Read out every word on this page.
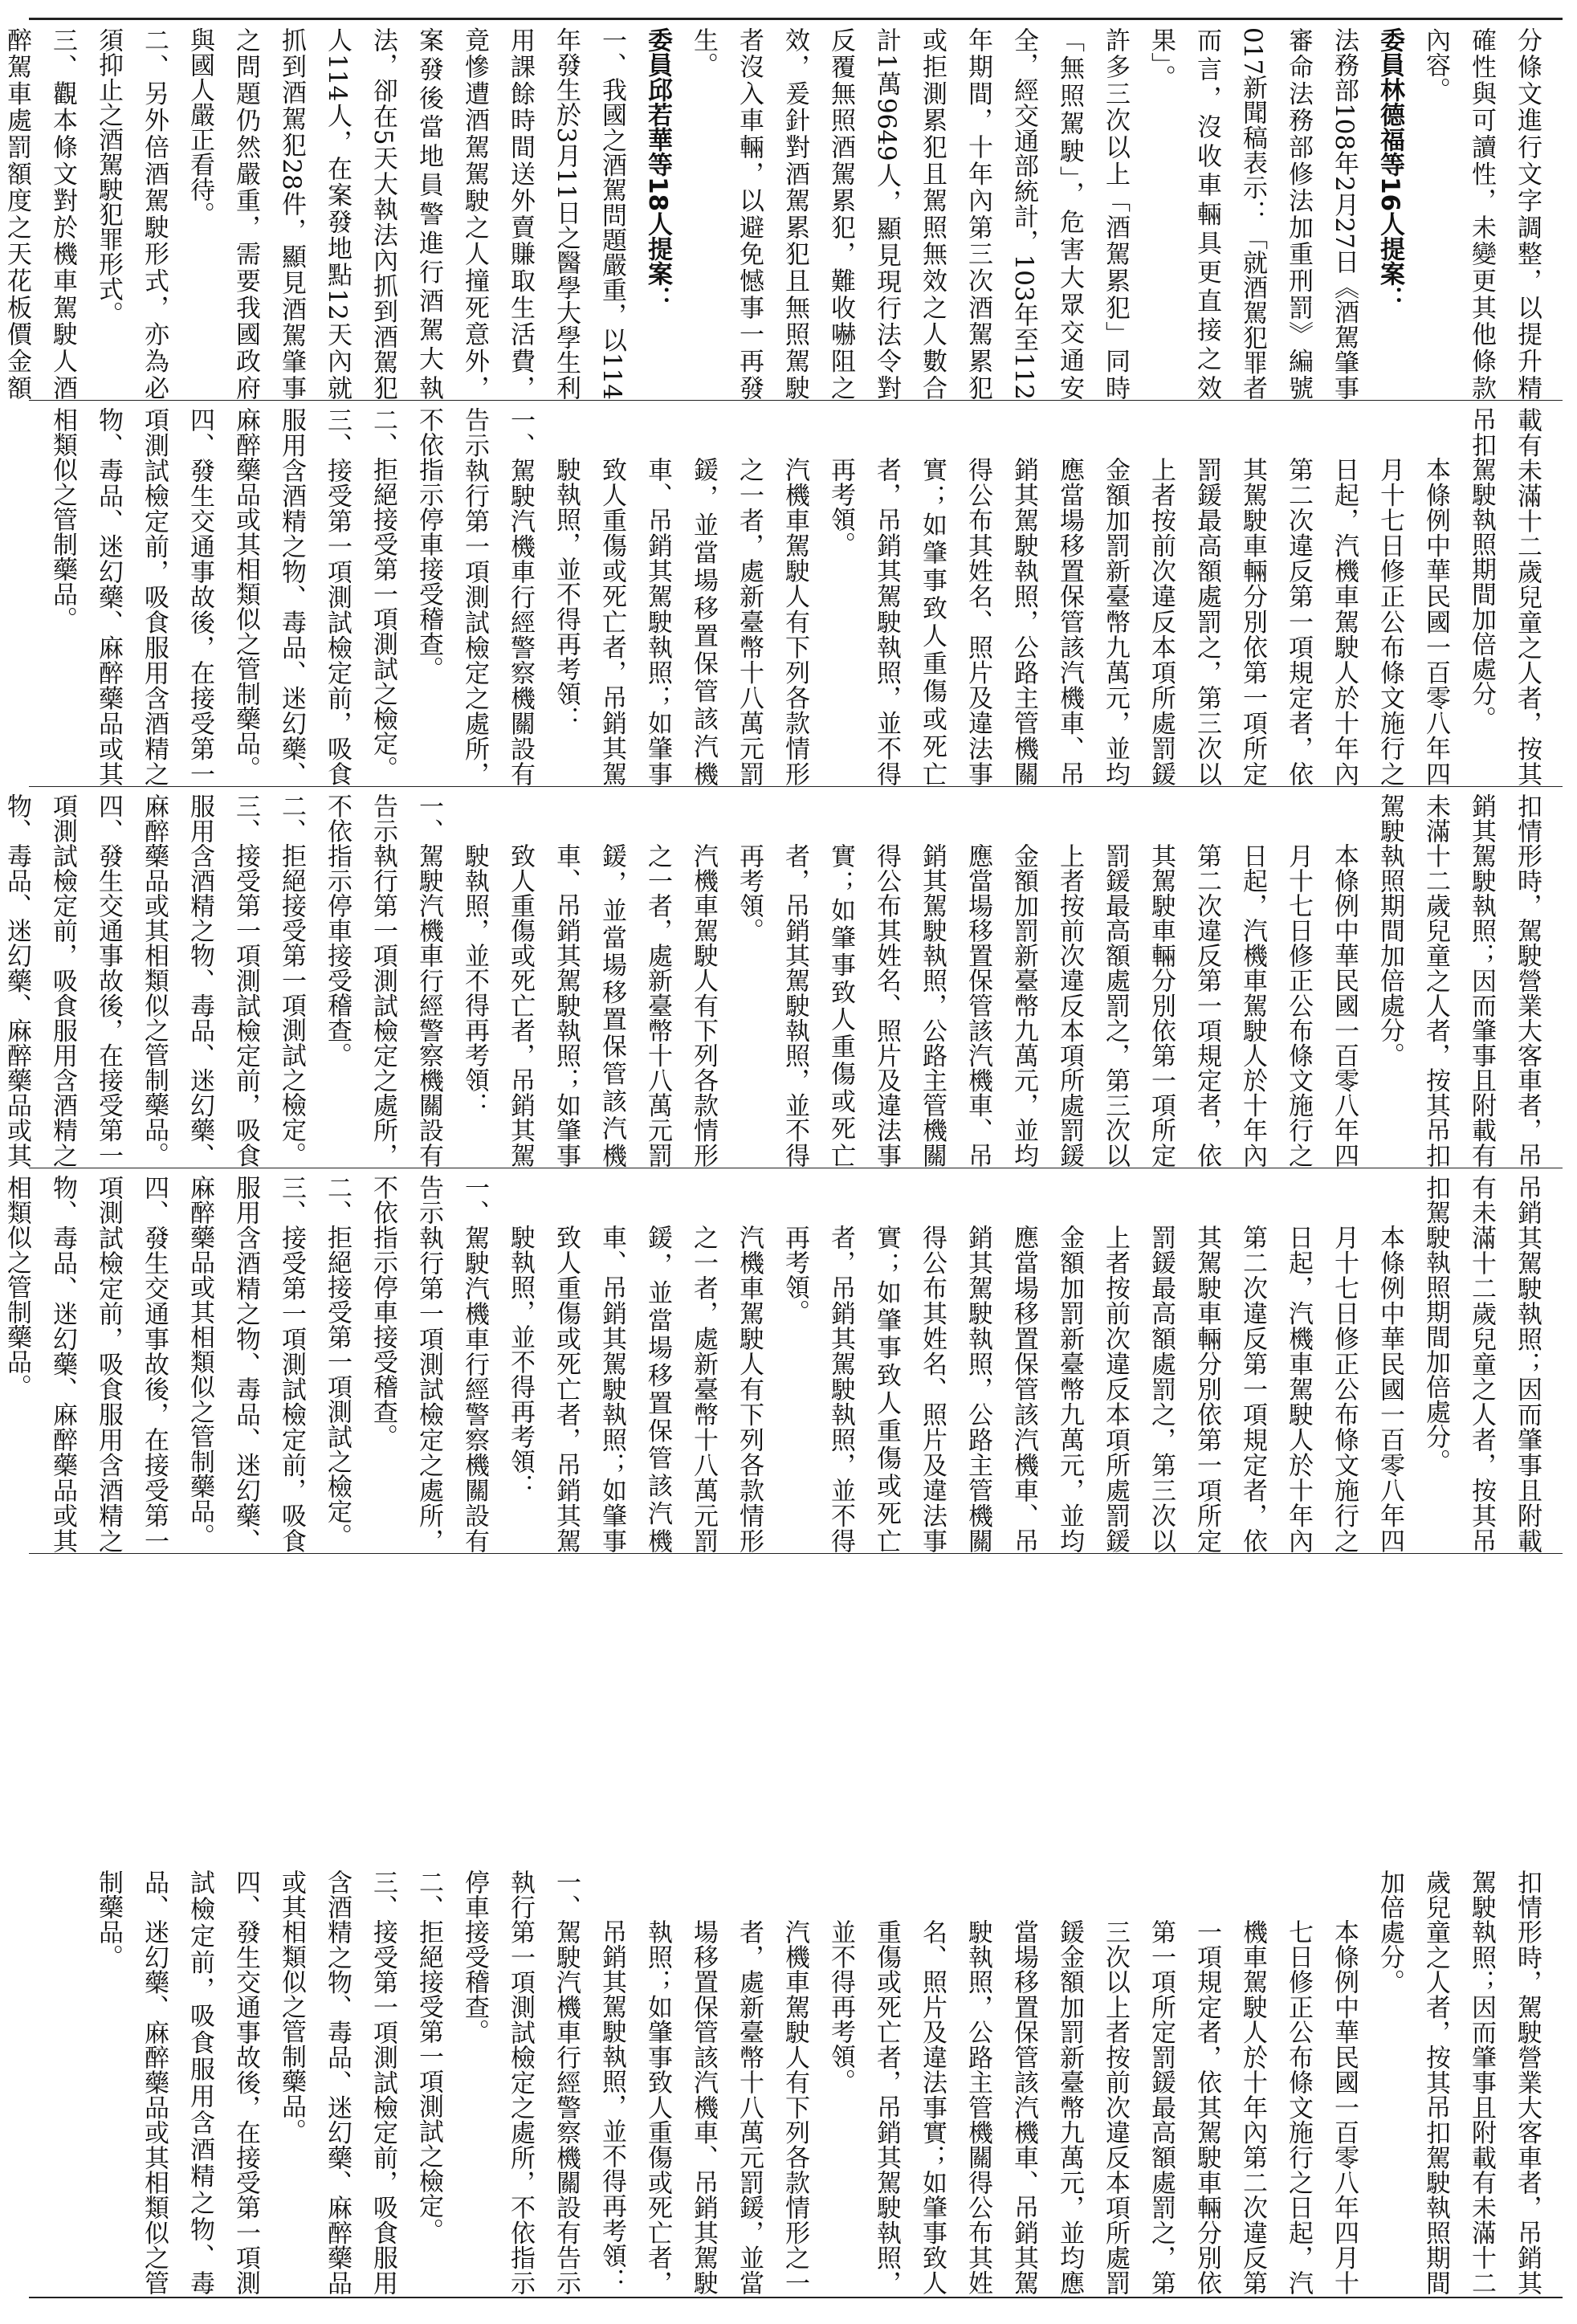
分條文進行文字調整，以提升精確性與可讀性，未變更其他條款內容。

委員林德福等16人提案：

法務部108年2月27日《酒駕肇事審命法務部修法加重刑罰》編號017新聞稿表示：「就酒駕犯罪者而言，沒收車輛具更直接之效果」。

許多三次以上「酒駕累犯」同時「無照駕駛」，危害大眾交通安全，經交通部統計，103年至112年期間，十年內第三次酒駕累犯或拒測累犯且駕照無效之人數合計1萬9649人，顯見現行法令對反覆無照酒駕累犯，難收嚇阻之效，爰針對酒駕累犯且無照駕駛者沒入車輛，以避免憾事一再發生。

委員邱若華等18人提案：

一、我國之酒駕問題嚴重，以114年發生於3月11日之醫學大學生利用課餘時間送外賣賺取生活費，竟慘遭酒駕駕駛之人撞死意外，案發後當地員警進行酒駕大執法，卻在5天大執法內抓到酒駕犯人114人，在案發地點12天內就抓到酒駕犯28件，顯見酒駕肇事之問題仍然嚴重，需要我國政府與國人嚴正看待。

二、另外倍酒駕駛形式，亦為必須抑止之酒駕駛犯罪形式。

三、觀本條文對於機車駕駛人酒醉駕車處罰額度之天花板價金額

載有未滿十二歲兒童之人者，按其吊扣駕駛執照期間加倍處分。

本條例中華民國一百零八年四月十七日修正公布條文施行之日起，汽機車駕駛人於十年內第二次違反第一項規定者，依其駕駛車輛分別依第一項所定罰鍰最高額處罰之，第三次以上者按前次違反本項所處罰鍰金額加罰新臺幣九萬元，並均應當場移置保管該汽機車、吊銷其駕駛執照，公路主管機關得公布其姓名、照片及違法事實；如肇事致人重傷或死亡者，吊銷其駕駛執照，並不得再考領。

汽機車駕駛人有下列各款情形之一者，處新臺幣十八萬元罰鍰，並當場移置保管該汽機車、吊銷其駕駛執照；如肇事致人重傷或死亡者，吊銷其駕駛執照，並不得再考領：

一、駕駛汽機車行經警察機關設有告示執行第一項測試檢定之處所，不依指示停車接受稽查。

二、拒絕接受第一項測試之檢定。

三、接受第一項測試檢定前，吸食服用含酒精之物、毒品、迷幻藥、麻醉藥品或其相類似之管制藥品。

四、發生交通事故後，在接受第一項測試檢定前，吸食服用含酒精之物、毒品、迷幻藥、麻醉藥品或其相類似之管制藥品。

扣情形時，駕駛營業大客車者，吊銷其駕駛執照；因而肇事且附載有未滿十二歲兒童之人者，按其吊扣駕駛執照期間加倍處分。

本條例中華民國一百零八年四月十七日修正公布條文施行之日起，汽機車駕駛人於十年內第二次違反第一項規定者，依其駕駛車輛分別依第一項所定罰鍰最高額處罰之，第三次以上者按前次違反本項所處罰鍰金額加罰新臺幣九萬元，並均應當場移置保管該汽機車、吊銷其駕駛執照，公路主管機關得公布其姓名、照片及違法事實；如肇事致人重傷或死亡者，吊銷其駕駛執照，並不得再考領。

汽機車駕駛人有下列各款情形之一者，處新臺幣十八萬元罰鍰，並當場移置保管該汽機車、吊銷其駕駛執照；如肇事致人重傷或死亡者，吊銷其駕駛執照，並不得再考領：

一、駕駛汽機車行經警察機關設有告示執行第一項測試檢定之處所，不依指示停車接受稽查。

二、拒絕接受第一項測試之檢定。

三、接受第一項測試檢定前，吸食服用含酒精之物、毒品、迷幻藥、麻醉藥品或其相類似之管制藥品。

四、發生交通事故後，在接受第一項測試檢定前，吸食服用含酒精之物、毒品、迷幻藥、麻醉藥品或其

吊銷其駕駛執照；因而肇事且附載有未滿十二歲兒童之人者，按其吊扣駕駛執照期間加倍處分。

本條例中華民國一百零八年四月十七日修正公布條文施行之日起，汽機車駕駛人於十年內第二次違反第一項規定者，依其駕駛車輛分別依第一項所定罰鍰最高額處罰之，第三次以上者按前次違反本項所處罰鍰金額加罰新臺幣九萬元，並均應當場移置保管該汽機車、吊銷其駕駛執照，公路主管機關得公布其姓名、照片及違法事實；如肇事致人重傷或死亡者，吊銷其駕駛執照，並不得再考領。

汽機車駕駛人有下列各款情形之一者，處新臺幣十八萬元罰鍰，並當場移置保管該汽機車、吊銷其駕駛執照；如肇事致人重傷或死亡者，吊銷其駕駛執照，並不得再考領：

一、駕駛汽機車行經警察機關設有告示執行第一項測試檢定之處所，不依指示停車接受稽查。

二、拒絕接受第一項測試之檢定。

三、接受第一項測試檢定前，吸食服用含酒精之物、毒品、迷幻藥、麻醉藥品或其相類似之管制藥品。

四、發生交通事故後，在接受第一項測試檢定前，吸食服用含酒精之物、毒品、迷幻藥、麻醉藥品或其相類似之管制藥品。

扣情形時，駕駛營業大客車者，吊銷其駕駛執照；因而肇事且附載有未滿十二歲兒童之人者，按其吊扣駕駛執照期間加倍處分。

本條例中華民國一百零八年四月十七日修正公布條文施行之日起，汽機車駕駛人於十年內第二次違反第一項規定者，依其駕駛車輛分別依第一項所定罰鍰最高額處罰之，第三次以上者按前次違反本項所處罰鍰金額加罰新臺幣九萬元，並均應當場移置保管該汽機車、吊銷其駕駛執照，公路主管機關得公布其姓名、照片及違法事實；如肇事致人重傷或死亡者，吊銷其駕駛執照，並不得再考領。

汽機車駕駛人有下列各款情形之一者，處新臺幣十八萬元罰鍰，並當場移置保管該汽機車、吊銷其駕駛執照；如肇事致人重傷或死亡者，吊銷其駕駛執照，並不得再考領：

一、駕駛汽機車行經警察機關設有告示執行第一項測試檢定之處所，不依指示停車接受稽查。

二、拒絕接受第一項測試之檢定。

三、接受第一項測試檢定前，吸食服用含酒精之物、毒品、迷幻藥、麻醉藥品或其相類似之管制藥品。

四、發生交通事故後，在接受第一項測試檢定前，吸食服用含酒精之物、毒品、迷幻藥、麻醉藥品或其相類似之管制藥品。
